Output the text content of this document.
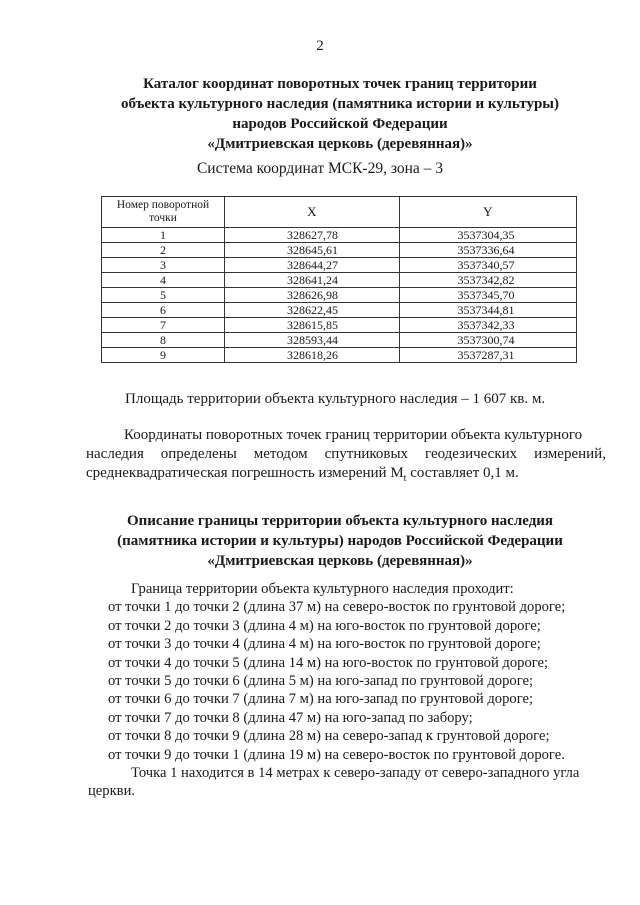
2
Каталог координат поворотных точек границ территории
объекта культурного наследия (памятника истории и культуры)
народов Российской Федерации
«Дмитриевская церковь (деревянная)»
Система координат МСК-29, зона – 3
Номер поворотной точки	X	Y
1	328627,78	3537304,35
2	328645,61	3537336,64
3	328644,27	3537340,57
4	328641,24	3537342,82
5	328626,98	3537345,70
6	328622,45	3537344,81
7	328615,85	3537342,33
8	328593,44	3537300,74
9	328618,26	3537287,31
Площадь территории объекта культурного наследия – 1 607 кв. м.
Координаты поворотных точек границ территории объекта культурного
наследия определены методом спутниковых геодезических измерений,
среднеквадратическая погрешность измерений $M_t$ составляет 0,1 м.
Описание границы территории объекта культурного наследия
(памятника истории и культуры) народов Российской Федерации
«Дмитриевская церковь (деревянная)»
Граница территории объекта культурного наследия проходит:
от точки 1 до точки 2 (длина 37 м) на северо-восток по грунтовой дороге;
от точки 2 до точки 3 (длина 4 м) на юго-восток по грунтовой дороге;
от точки 3 до точки 4 (длина 4 м) на юго-восток по грунтовой дороге;
от точки 4 до точки 5 (длина 14 м) на юго-восток по грунтовой дороге;
от точки 5 до точки 6 (длина 5 м) на юго-запад по грунтовой дороге;
от точки 6 до точки 7 (длина 7 м) на юго-запад по грунтовой дороге;
от точки 7 до точки 8 (длина 47 м) на юго-запад по забору;
от точки 8 до точки 9 (длина 28 м) на северо-запад к грунтовой дороге;
от точки 9 до точки 1 (длина 19 м) на северо-восток по грунтовой дороге.
Точка 1 находится в 14 метрах к северо-западу от северо-западного угла
церкви.
